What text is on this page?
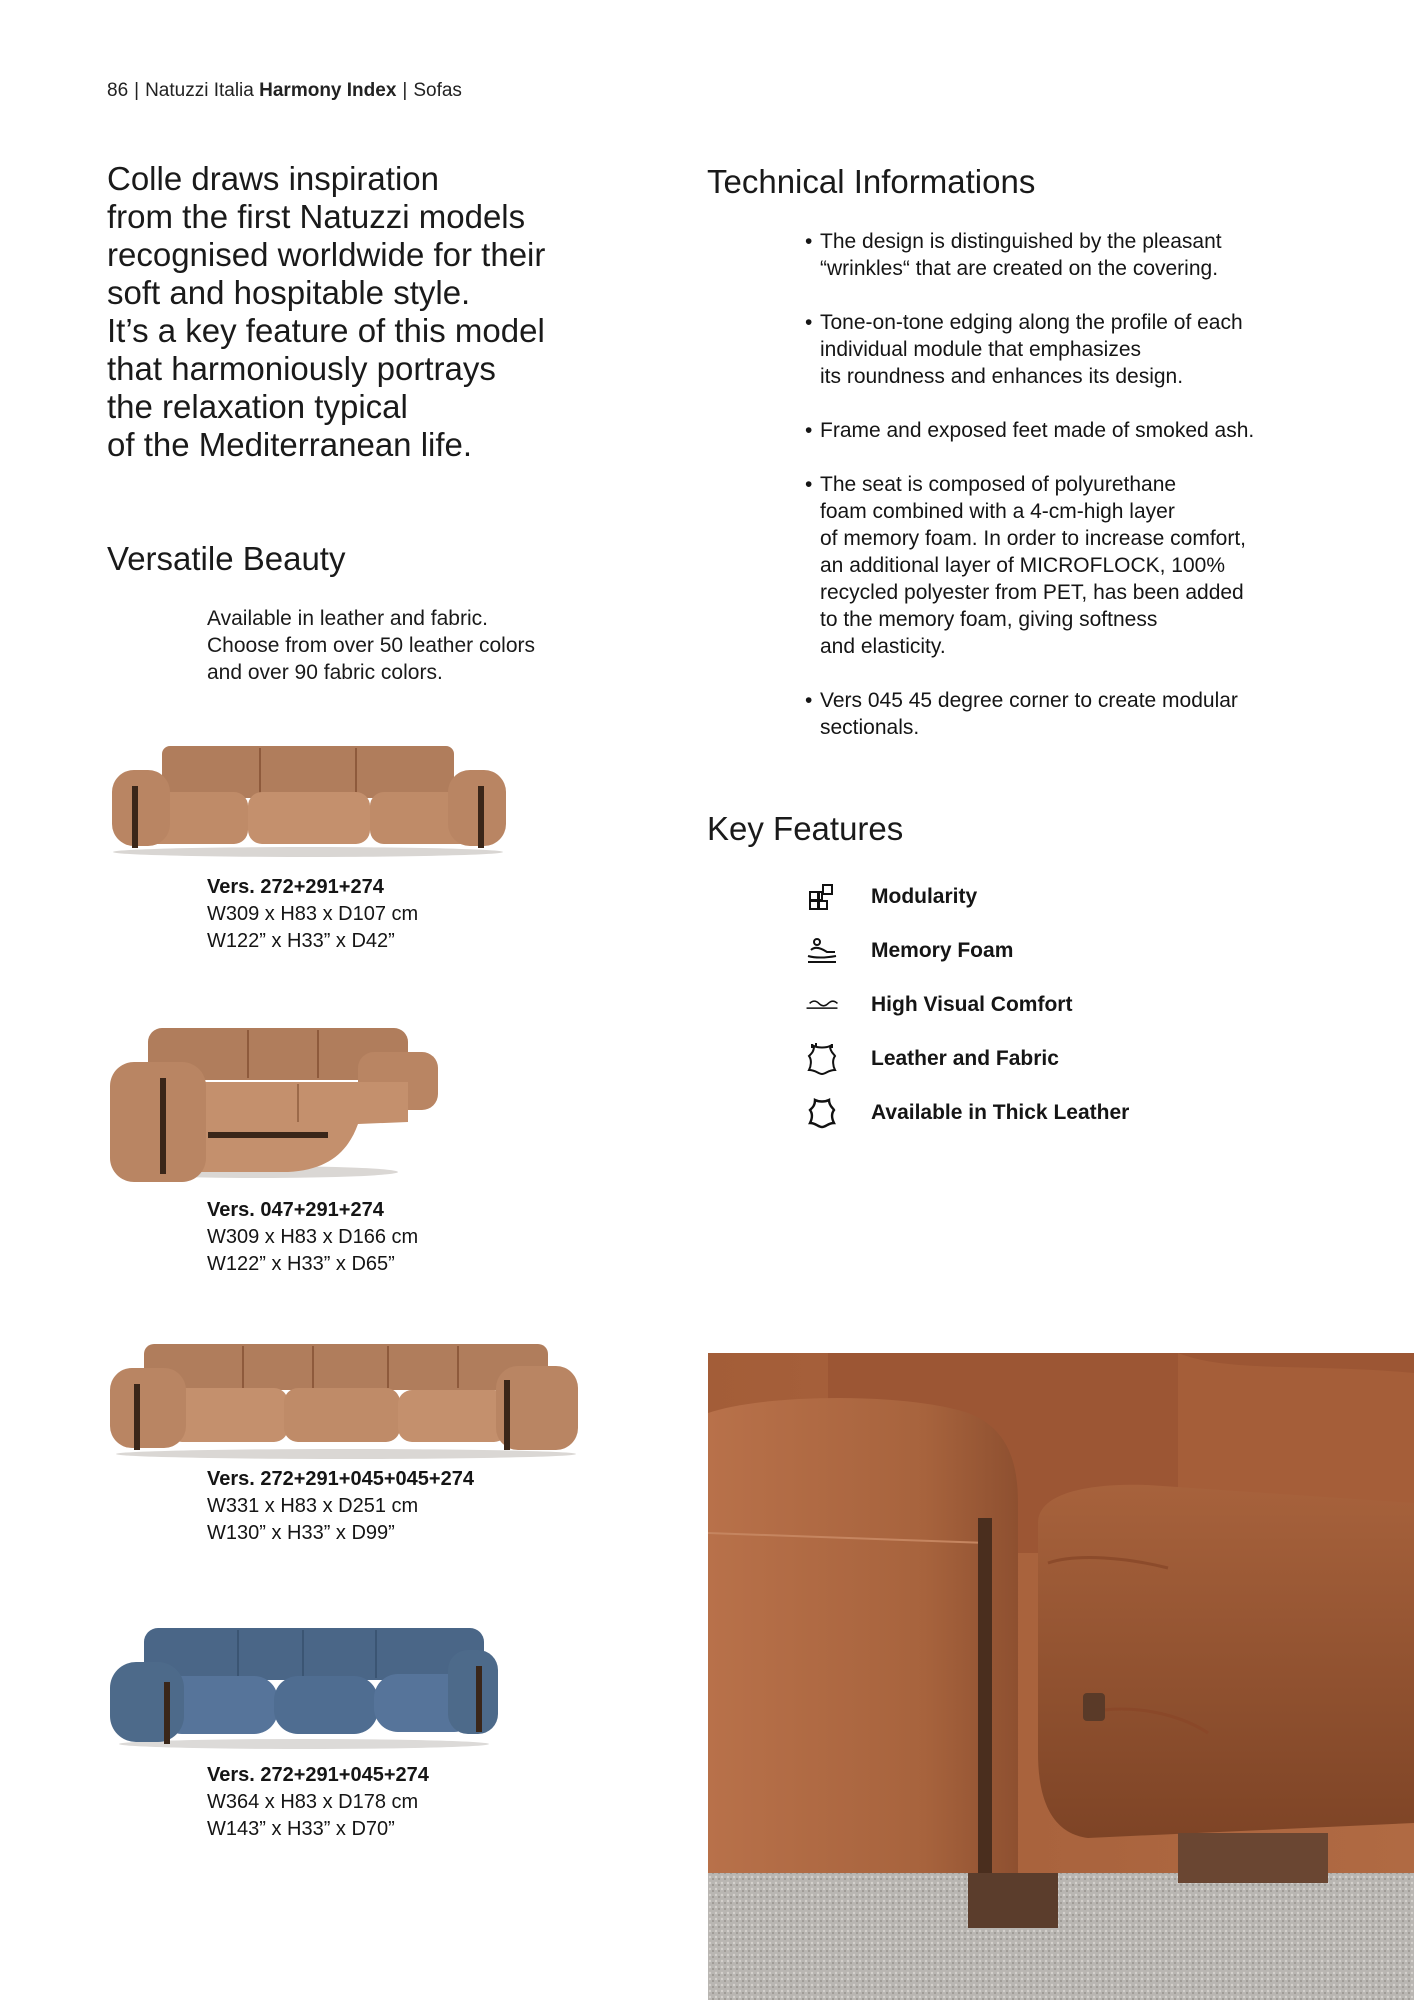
86 | Natuzzi Italia Harmony Index | Sofas
Colle draws inspiration
from the first Natuzzi models
recognised worldwide for their
soft and hospitable style.
It’s a key feature of this model
that harmoniously portrays
the relaxation typical
of the Mediterranean life.
Versatile Beauty
Available in leather and fabric.
Choose from over 50 leather colors
and over 90 fabric colors.
Vers. 272+291+274
W309 x H83 x D107 cm
W122” x H33” x D42”
Vers. 047+291+274
W309 x H83 x D166 cm
W122” x H33” x D65”
Vers. 272+291+045+045+274
W331 x H83 x D251 cm
W130” x H33” x D99”
Vers. 272+291+045+274
W364 x H83 x D178 cm
W143” x H33” x D70”
Technical Informations
• The design is distinguished by the pleasant
“wrinkles“ that are created on the covering.
• Tone-on-tone edging along the profile of each
individual module that emphasizes
its roundness and enhances its design.
• Frame and exposed feet made of smoked ash.
• The seat is composed of polyurethane
foam combined with a 4-cm-high layer
of memory foam. In order to increase comfort,
an additional layer of MICROFLOCK, 100%
recycled polyester from PET, has been added
to the memory foam, giving softness
and elasticity.
• Vers 045 45 degree corner to create modular
sectionals.
Key Features
Modularity
Memory Foam
High Visual Comfort
Leather and Fabric
Available in Thick Leather
